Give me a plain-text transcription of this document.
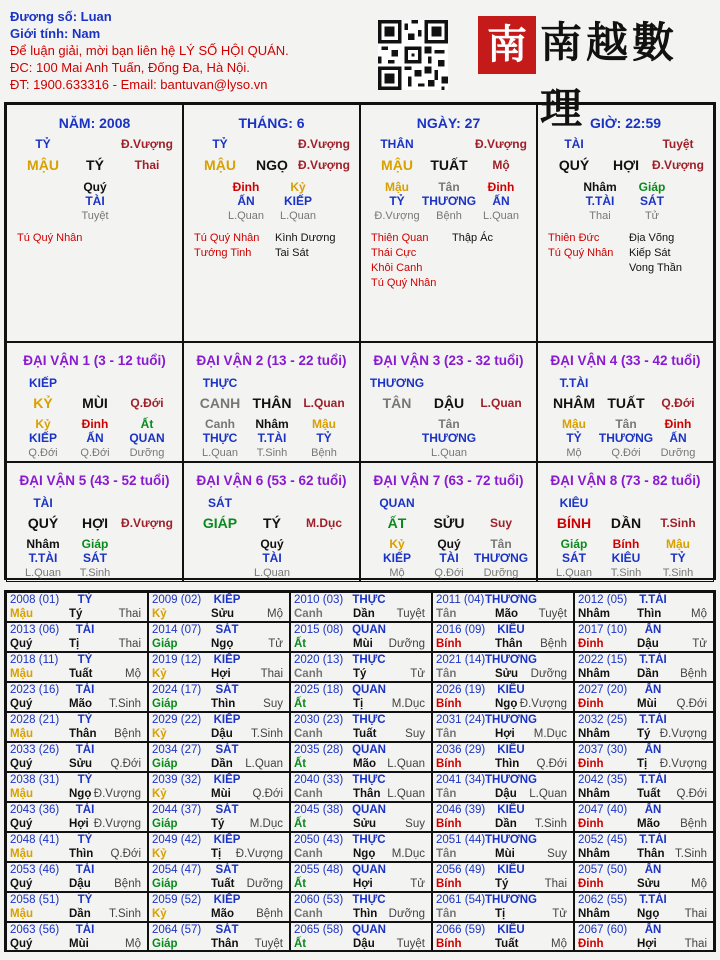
Đương số: Luan
Giới tính: Nam
Để luận giải, mời bạn liên hệ LÝ SỐ HỘI QUÁN.
ĐC: 100 Mai Anh Tuấn, Đống Đa, Hà Nội.
ĐT: 1900.633316 - Email: bantuvan@lyso.vn
南 南越數理
NĂM: 2008
TỶ	Đ.Vượng
MẬU TÝ	Thai
Quý
TÀI
Tuyệt
Tú Quý Nhân
THÁNG: 6
TỶ	Đ.Vượng
MẬU NGỌ Đ.Vượng
Đinh
ẤN
L.Quan
Kỷ
KIẾP
L.Quan
Tú Quý Nhân
Tướng Tinh
Kình Dương
Tai Sát
NGÀY: 27
THÂN	Đ.Vượng
MẬU TUẤT Mộ
Mậu
TỶ
Đ.Vượng
Tân
THƯƠNG
Bệnh
Đinh
ẤN
L.Quan
Thiên Quan
Thái Cực
Khôi Canh
Tú Quý Nhân
Thập Ác
GIỜ: 22:59
TÀI	Tuyệt
QUÝ HỢI Đ.Vượng
Nhâm
T.TÀI
Thai
Giáp
SÁT
Tử
Thiên Đức
Tú Quý Nhân
Địa Võng
Kiếp Sát
Vong Thần
ĐẠI VẬN 1 (3 - 12 tuổi)
KIẾP
KỶ MÙI Q.Đới
Kỷ
KIẾP
Q.Đới
Đinh
ẤN
Q.Đới
Ất
QUAN
Dưỡng
ĐẠI VẬN 2 (13 - 22 tuổi)
THỰC
CANH THÂN L.Quan
Canh
THỰC
L.Quan
Nhâm
T.TÀI
T.Sinh
Mậu
TỶ
Bệnh
ĐẠI VẬN 3 (23 - 32 tuổi)
THƯƠNG
TÂN DẬU L.Quan
Tân
THƯƠNG
L.Quan
ĐẠI VẬN 4 (33 - 42 tuổi)
T.TÀI
NHÂM TUẤT Q.Đới
Mậu
TỶ
Mộ
Tân
THƯƠNG
Q.Đới
Đinh
ẤN
Dưỡng
ĐẠI VẬN 5 (43 - 52 tuổi)
TÀI
QUÝ HỢI Đ.Vượng
Nhâm
T.TÀI
L.Quan
Giáp
SÁT
T.Sinh
ĐẠI VẬN 6 (53 - 62 tuổi)
SÁT
GIÁP TÝ M.Dục
Quý
TÀI
L.Quan
ĐẠI VẬN 7 (63 - 72 tuổi)
QUAN
ẤT SỬU Suy
Kỷ
KIẾP
Mộ
Quý
TÀI
Q.Đới
Tân
THƯƠNG
Dưỡng
ĐẠI VẬN 8 (73 - 82 tuổi)
KIÊU
BÍNH DẦN T.Sinh
Giáp
SÁT
L.Quan
Bính
KIÊU
T.Sinh
Mậu
TỶ
T.Sinh
2008 (01) TỶ
Mậu	Tý	Thai
2009 (02) KIẾP
Kỷ	Sửu	Mộ
2010 (03) THỰC
Canh	Dần Tuyệt
2011 (04) THƯƠNG
Tân	Mão Tuyệt
2012 (05) T.TÀI
Nhâm Thìn	Mộ
2013 (06) TÀI
Quý	Tị	Thai
2014 (07) SÁT
Giáp	Ngọ	Tử
2015 (08) QUAN
Ất	Mùi Dưỡng
2016 (09) KIÊU
Bính	Thân Bệnh
2017 (10) ẤN
Đinh	Dậu	Tử
2018 (11) TỶ
Mậu	Tuất	Mộ
2019 (12) KIẾP
Kỷ	Hợi	Thai
2020 (13) THỰC
Canh	Tý	Tử
2021 (14) THƯƠNG
Tân	Sửu Dưỡng
2022 (15) T.TÀI
Nhâm Dần Bệnh
2023 (16) TÀI
Quý	Mão T.Sinh
2024 (17) SÁT
Giáp	Thìn Suy
2025 (18) QUAN
Ất	Tị M.Dục
2026 (19) KIÊU
Bính	Ngọ Đ.Vượng
2027 (20) ẤN
Đinh	Mùi Q.Đới
2028 (21) TỶ
Mậu	Thân Bệnh
2029 (22) KIẾP
Kỷ	Dậu T.Sinh
2030 (23) THỰC
Canh	Tuất	Suy
2031 (24) THƯƠNG
Tân	Hợi M.Dục
2032 (25) T.TÀI
Nhâm Tý Đ.Vượng
2033 (26) TÀI
Quý	Sửu Q.Đới
2034 (27) SÁT
Giáp	Dần L.Quan
2035 (28) QUAN
Ất	Mão L.Quan
2036 (29) KIÊU
Bính	Thìn Q.Đới
2037 (30) ẤN
Đinh	Tị Đ.Vượng
2038 (31) TỶ
Mậu	Ngọ Đ.Vượng
2039 (32) KIẾP
Kỷ	Mùi Q.Đới
2040 (33) THỰC
Canh	Thân L.Quan
2041 (34) THƯƠNG
Tân	Dậu L.Quan
2042 (35) T.TÀI
Nhâm Tuất Q.Đới
2043 (36) TÀI
Quý	Hợi Đ.Vượng
2044 (37) SÁT
Giáp	Tý M.Dục
2045 (38) QUAN
Ất	Sửu	Suy
2046 (39) KIÊU
Bính	Dần T.Sinh
2047 (40) ẤN
Đinh	Mão Bệnh
2048 (41) TỶ
Mậu	Thìn Q.Đới
2049 (42) KIẾP
Kỷ	Tị Đ.Vượng
2050 (43) THỰC
Canh	Ngọ M.Dục
2051 (44) THƯƠNG
Tân	Mùi	Suy
2052 (45) T.TÀI
Nhâm Thân T.Sinh
2053 (46) TÀI
Quý	Dậu Bệnh
2054 (47) SÁT
Giáp	Tuất Dưỡng
2055 (48) QUAN
Ất	Hợi	Tử
2056 (49) KIÊU
Bính	Tý	Thai
2057 (50) ẤN
Đinh	Sửu	Mộ
2058 (51) TỶ
Mậu	Dần T.Sinh
2059 (52) KIẾP
Kỷ	Mão Bệnh
2060 (53) THỰC
Canh	Thìn Dưỡng
2061 (54) THƯƠNG
Tân	Tị	Tử
2062 (55) T.TÀI
Nhâm Ngọ Thai
2063 (56) TÀI
Quý	Mùi	Mộ
2064 (57) SÁT
Giáp	Thân Tuyệt
2065 (58) QUAN
Ất	Dậu Tuyệt
2066 (59) KIÊU
Bính	Tuất	Mộ
2067 (60) ẤN
Đinh	Hợi Thai
